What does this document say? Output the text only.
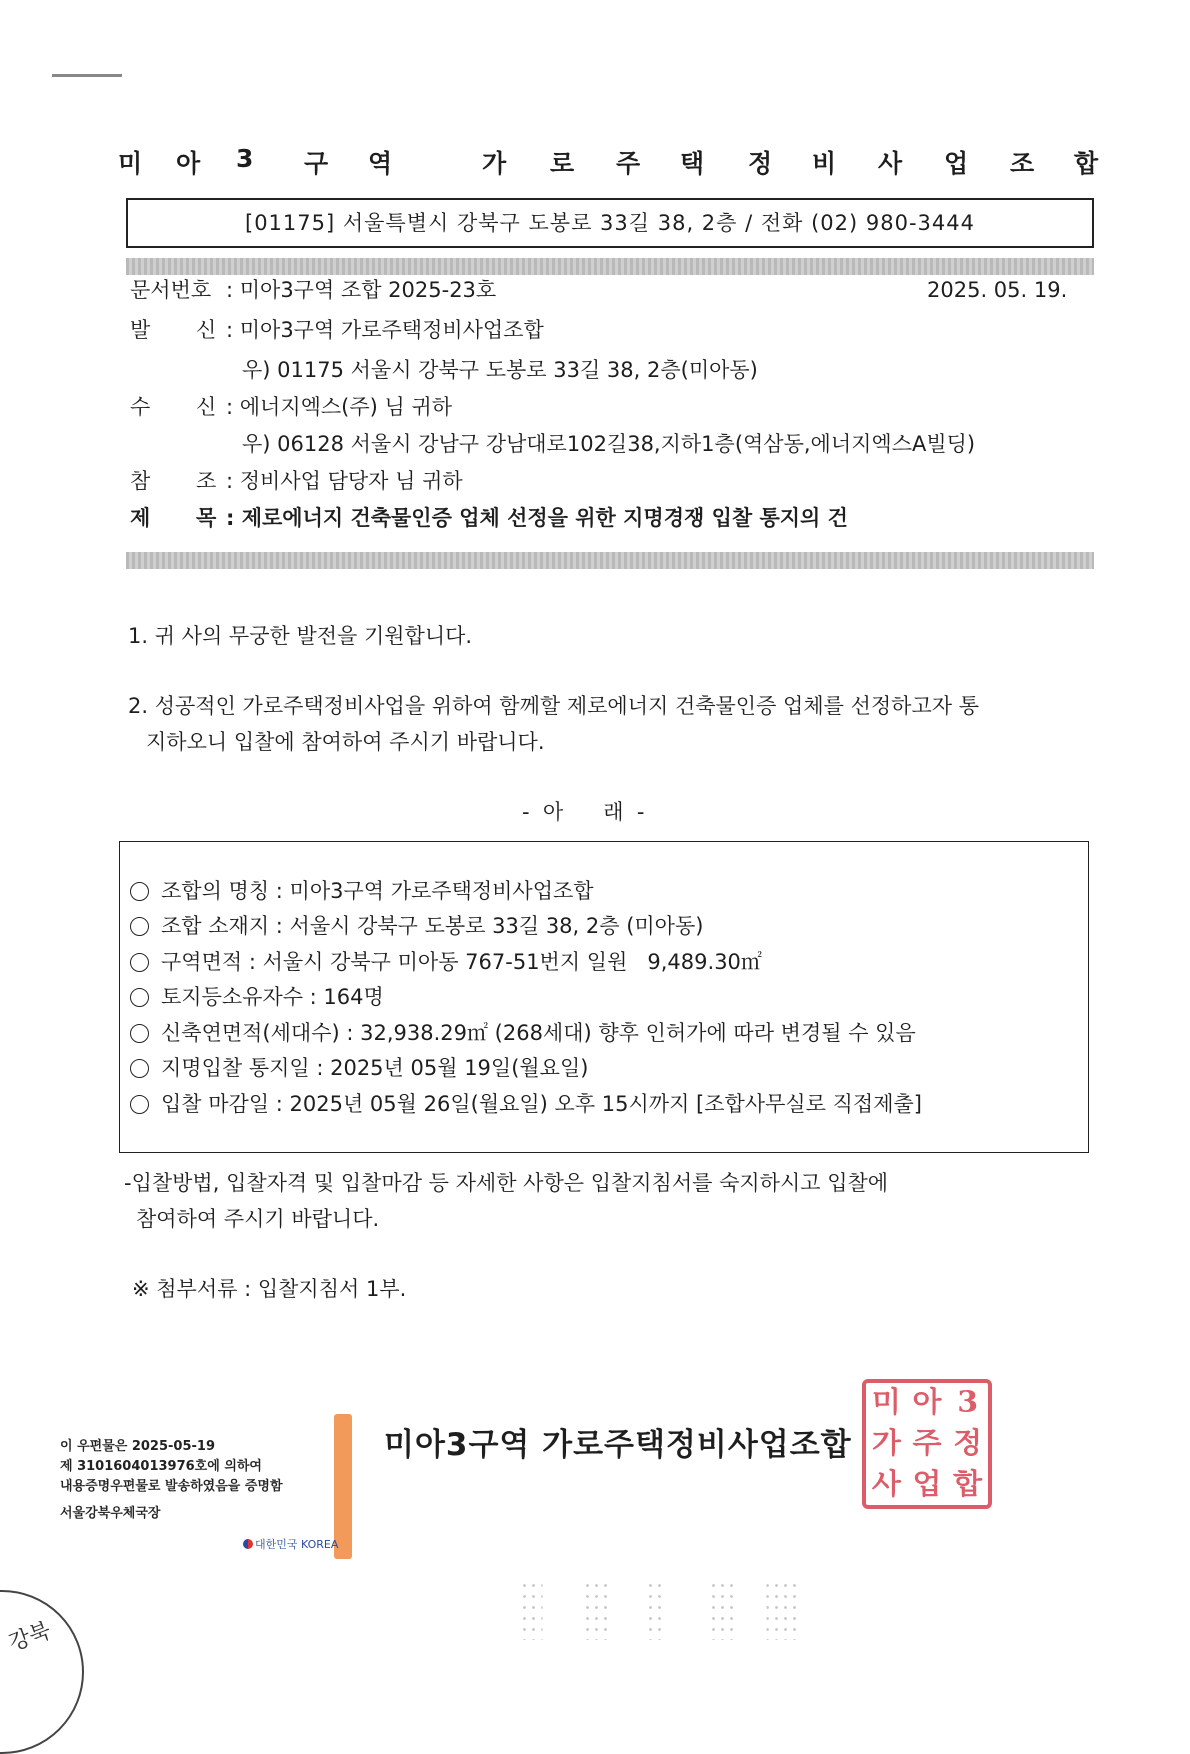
미 아 3 구 역	가 로 주 택 정 비 사 업 조 합
[01175] 서울특별시 강북구 도봉로 33길 38, 2층 / 전화 (02) 980-3444
문서번호 : 미아3구역 조합 2025-23호	2025. 05. 19.
발 신 : 미아3구역 가로주택정비사업조합
우) 01175 서울시 강북구 도봉로 33길 38, 2층(미아동)
수 신 : 에너지엑스(주) 님 귀하
우) 06128 서울시 강남구 강남대로102길38,지하1층(역삼동,에너지엑스A빌딩)
참 조 : 정비사업 담당자 님 귀하
제 목 : 제로에너지 건축물인증 업체 선정을 위한 지명경쟁 입찰 통지의 건
1. 귀 사의 무궁한 발전을 기원합니다.
2. 성공적인 가로주택정비사업을 위하여 함께할 제로에너지 건축물인증 업체를 선정하고자 통
지하오니 입찰에 참여하여 주시기 바랍니다.
-  아      래  -
조합의 명칭 : 미아3구역 가로주택정비사업조합
조합 소재지 : 서울시 강북구 도봉로 33길 38, 2층 (미아동)
구역면적 : 서울시 강북구 미아동 767-51번지 일원   9,489.30㎡
토지등소유자수 : 164명
신축연면적(세대수) : 32,938.29㎡ (268세대) 향후 인허가에 따라 변경될 수 있음
지명입찰 통지일 : 2025년 05월 19일(월요일)
입찰 마감일 : 2025년 05월 26일(월요일) 오후 15시까지 [조합사무실로 직접제출]
-입찰방법, 입찰자격 및 입찰마감 등 자세한 사항은 입찰지침서를 숙지하시고 입찰에
참여하여 주시기 바랍니다.
※ 첨부서류 : 입찰지침서 1부.
이 우편물은 2025-05-19
제 3101604013976호에 의하여
내용증명우편물로 발송하였음을 증명함
서울강북우체국장
대한민국 KOREA
미아3구역 가로주택정비사업조합
미 아 3
가 주 정
사 업 합
강북
